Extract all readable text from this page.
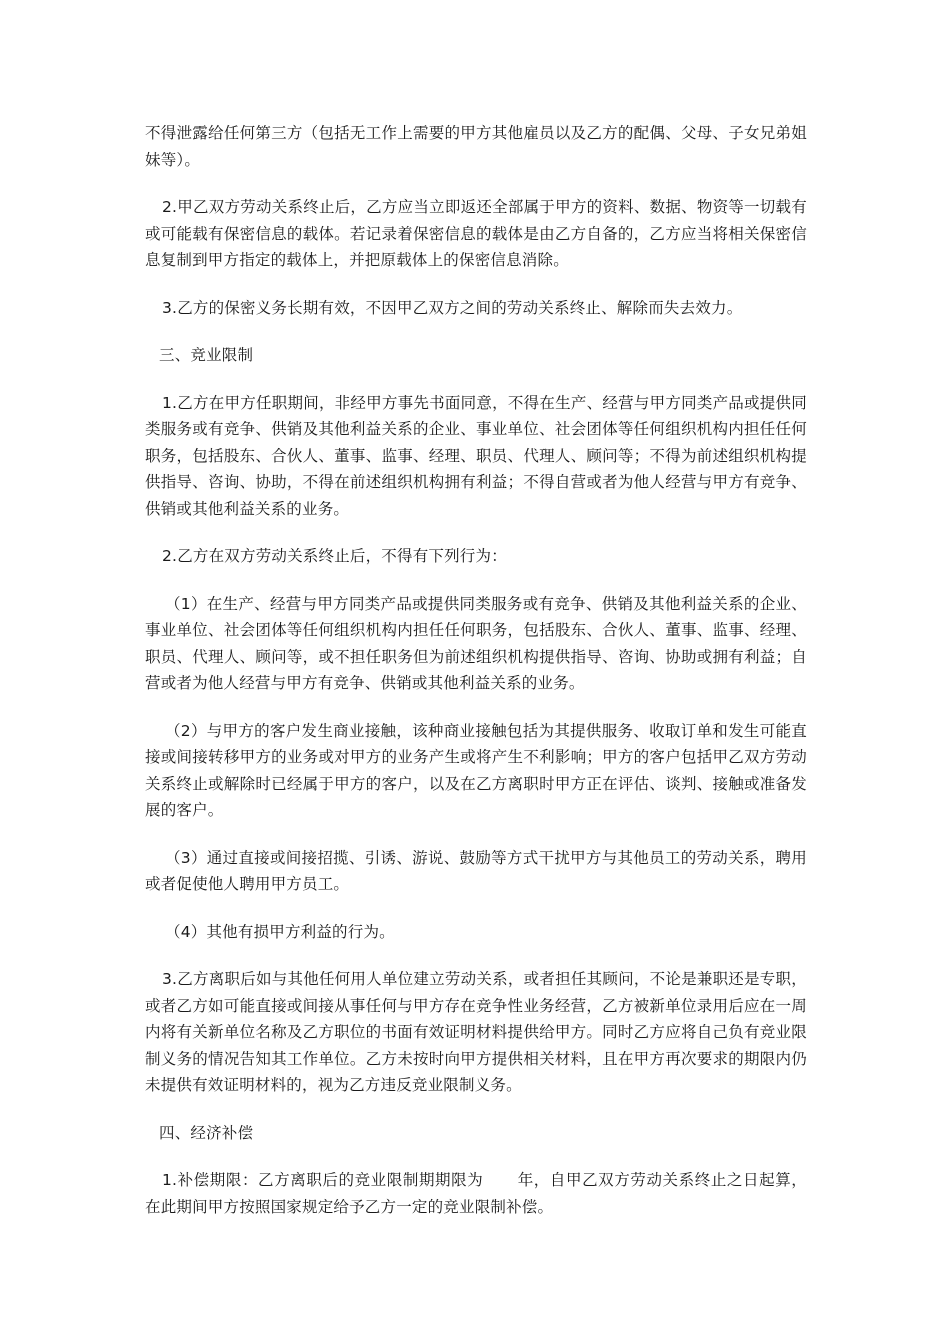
不得泄露给任何第三方（包括无工作上需要的甲方其他雇员以及乙方的配偶、父母、子女兄弟姐妹等）。

2.甲乙双方劳动关系终止后，乙方应当立即返还全部属于甲方的资料、数据、物资等一切载有或可能载有保密信息的载体。若记录着保密信息的载体是由乙方自备的，乙方应当将相关保密信息复制到甲方指定的载体上，并把原载体上的保密信息消除。

3.乙方的保密义务长期有效，不因甲乙双方之间的劳动关系终止、解除而失去效力。

三、竞业限制

1.乙方在甲方任职期间，非经甲方事先书面同意，不得在生产、经营与甲方同类产品或提供同类服务或有竞争、供销及其他利益关系的企业、事业单位、社会团体等任何组织机构内担任任何职务，包括股东、合伙人、董事、监事、经理、职员、代理人、顾问等；不得为前述组织机构提供指导、咨询、协助，不得在前述组织机构拥有利益；不得自营或者为他人经营与甲方有竞争、供销或其他利益关系的业务。

2.乙方在双方劳动关系终止后，不得有下列行为：

（1）在生产、经营与甲方同类产品或提供同类服务或有竞争、供销及其他利益关系的企业、事业单位、社会团体等任何组织机构内担任任何职务，包括股东、合伙人、董事、监事、经理、职员、代理人、顾问等，或不担任职务但为前述组织机构提供指导、咨询、协助或拥有利益；自营或者为他人经营与甲方有竞争、供销或其他利益关系的业务。

（2）与甲方的客户发生商业接触，该种商业接触包括为其提供服务、收取订单和发生可能直接或间接转移甲方的业务或对甲方的业务产生或将产生不利影响；甲方的客户包括甲乙双方劳动关系终止或解除时已经属于甲方的客户，以及在乙方离职时甲方正在评估、谈判、接触或准备发展的客户。

（3）通过直接或间接招揽、引诱、游说、鼓励等方式干扰甲方与其他员工的劳动关系，聘用或者促使他人聘用甲方员工。

（4）其他有损甲方利益的行为。

3.乙方离职后如与其他任何用人单位建立劳动关系，或者担任其顾问，不论是兼职还是专职，或者乙方如可能直接或间接从事任何与甲方存在竞争性业务经营，乙方被新单位录用后应在一周内将有关新单位名称及乙方职位的书面有效证明材料提供给甲方。同时乙方应将自己负有竞业限制义务的情况告知其工作单位。乙方未按时向甲方提供相关材料，且在甲方再次要求的期限内仍未提供有效证明材料的，视为乙方违反竞业限制义务。

四、经济补偿

1.补偿期限：乙方离职后的竞业限制期期限为 年，自甲乙双方劳动关系终止之日起算，在此期间甲方按照国家规定给予乙方一定的竞业限制补偿。
